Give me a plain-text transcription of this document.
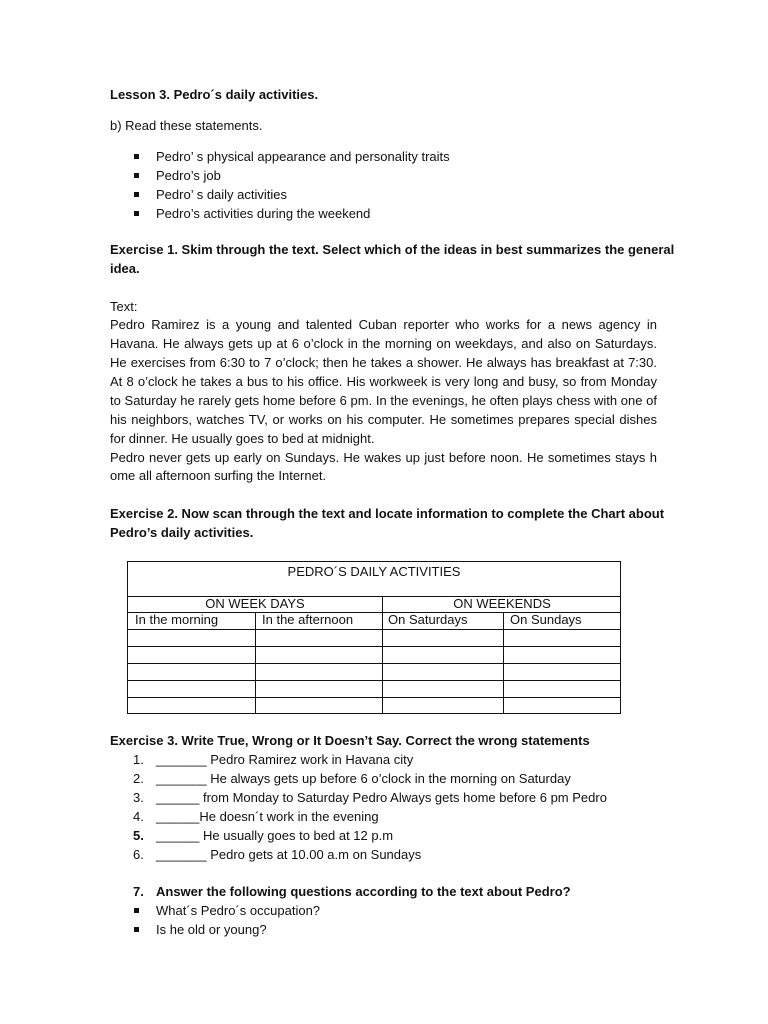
Lesson 3. Pedro´s daily activities.
b) Read these statements.
Pedro’ s physical appearance and personality traits
Pedro’s job
Pedro’ s daily activities
Pedro’s activities during the weekend
Exercise 1. Skim through the text. Select which of the ideas in best summarizes the general
idea.
Text:
Pedro Ramirez is a young and talented Cuban reporter who works for a news agency in Havana. He always gets up at 6 o’clock in the morning on weekdays, and also on Saturdays. He exercises from 6:30 to 7 o’clock; then he takes a shower. He always has breakfast at 7:30. At 8 o’clock he takes a bus to his office. His workweek is very long and busy, so from Monday to Saturday he rarely gets home before 6 pm. In the evenings, he often plays chess with one of his neighbors, watches TV, or works on his computer. He sometimes prepares special dishes for dinner. He usually goes to bed at midnight.
Pedro never gets up early on Sundays. He wakes up just before noon. He sometimes stays h
ome all afternoon surfing the Internet.
Exercise 2. Now scan through the text and locate information to complete the Chart about
Pedro’s daily activities.
PEDRO´S DAILY ACTIVITIES
ON WEEK DAYS	ON WEEKENDS
In the morning	In the afternoon	On Saturdays	On Sundays
Exercise 3. Write True, Wrong or It Doesn’t Say. Correct the wrong statements
1. _______ Pedro Ramirez work in Havana city
2. _______ He always gets up before 6 o’clock in the morning on Saturday
3. ______ from Monday to Saturday Pedro Always gets home before 6 pm Pedro
4. ______He doesn´t work in the evening
5. ______ He usually goes to bed at 12 p.m
6. _______ Pedro gets at 10.00 a.m on Sundays
7. Answer the following questions according to the text about Pedro?
What´s Pedro´s occupation?
Is he old or young?
